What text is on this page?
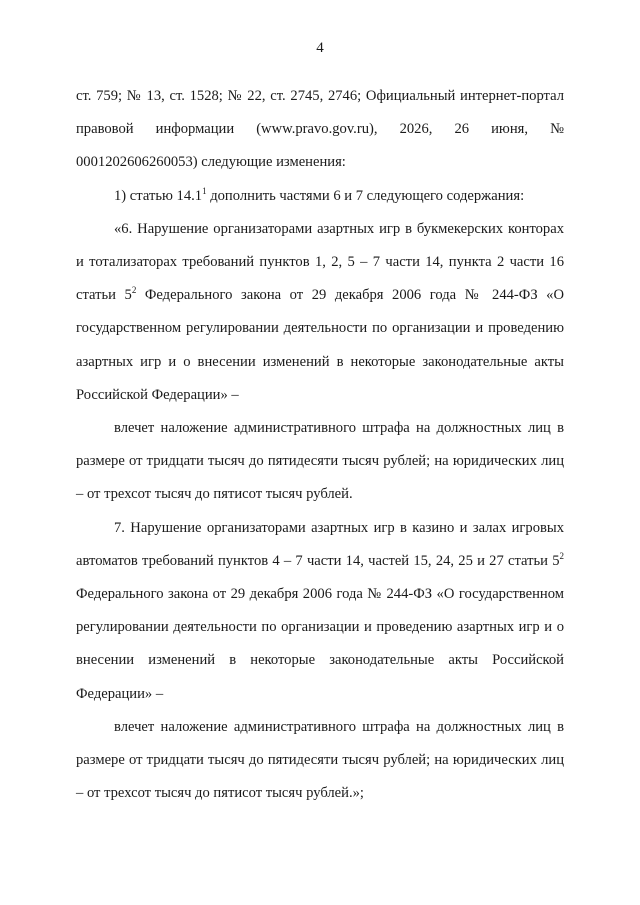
4

ст. 759; № 13, ст. 1528; № 22, ст. 2745, 2746; Официальный интернет-портал правовой информации (www.pravo.gov.ru), 2026, 26 июня, № 0001202606260053) следующие изменения:

1) статью 14.1$^1$ дополнить частями 6 и 7 следующего содержания:

«6. Нарушение организаторами азартных игр в букмекерских конторах и тотализаторах требований пунктов 1, 2, 5 – 7 части 14, пункта 2 части 16 статьи $5^2$ Федерального закона от 29 декабря 2006 года № 244-ФЗ «О государственном регулировании деятельности по организации и проведению азартных игр и о внесении изменений в некоторые законодательные акты Российской Федерации» –

влечет наложение административного штрафа на должностных лиц в размере от тридцати тысяч до пятидесяти тысяч рублей; на юридических лиц – от трехсот тысяч до пятисот тысяч рублей.

7. Нарушение организаторами азартных игр в казино и залах игровых автоматов требований пунктов 4 – 7 части 14, частей 15, 24, 25 и 27 статьи $5^2$ Федерального закона от 29 декабря 2006 года № 244-ФЗ «О государственном регулировании деятельности по организации и проведению азартных игр и о внесении изменений в некоторые законодательные акты Российской Федерации» –

влечет наложение административного штрафа на должностных лиц в размере от тридцати тысяч до пятидесяти тысяч рублей; на юридических лиц – от трехсот тысяч до пятисот тысяч рублей.»;
